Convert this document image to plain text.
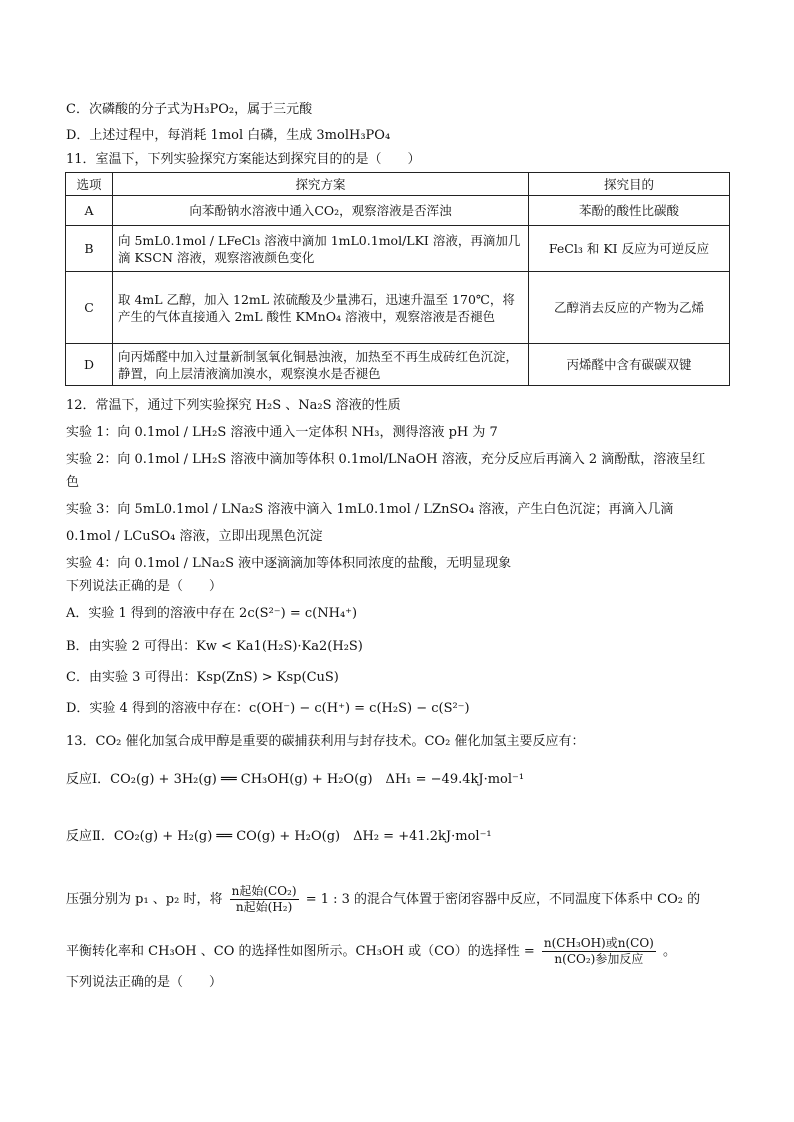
C．次磷酸的分子式为H₃PO₂，属于三元酸
D．上述过程中，每消耗 1mol 白磷，生成 3molH₃PO₄
11．室温下，下列实验探究方案能达到探究目的的是（　　）
选项	探究方案	探究目的
A	向苯酚钠水溶液中通入CO₂，观察溶液是否浑浊	苯酚的酸性比碳酸
B	向 5mL0.1mol / LFeCl₃ 溶液中滴加 1mL0.1mol/LKI 溶液，再滴加几滴 KSCN 溶液，观察溶液颜色变化	FeCl₃ 和 KI 反应为可逆反应
C	取 4mL 乙醇，加入 12mL 浓硫酸及少量沸石，迅速升温至 170℃，将产生的气体直接通入 2mL 酸性 KMnO₄ 溶液中，观察溶液是否褪色	乙醇消去反应的产物为乙烯
D	向丙烯醛中加入过量新制氢氧化铜悬浊液，加热至不再生成砖红色沉淀，静置，向上层清液滴加溴水，观察溴水是否褪色	丙烯醛中含有碳碳双键
12．常温下，通过下列实验探究 H₂S 、Na₂S 溶液的性质
实验 1：向 0.1mol / LH₂S 溶液中通入一定体积 NH₃，测得溶液 pH 为 7
实验 2：向 0.1mol / LH₂S 溶液中滴加等体积 0.1mol/LNaOH 溶液，充分反应后再滴入 2 滴酚酞，溶液呈红
色
实验 3：向 5mL0.1mol / LNa₂S 溶液中滴入 1mL0.1mol / LZnSO₄ 溶液，产生白色沉淀；再滴入几滴
0.1mol / LCuSO₄ 溶液，立即出现黑色沉淀
实验 4：向 0.1mol / LNa₂S 液中逐滴滴加等体积同浓度的盐酸，无明显现象
下列说法正确的是（　　）
A．实验 1 得到的溶液中存在 2c(S²⁻) = c(NH₄⁺)
B．由实验 2 可得出：Kw < Ka1(H₂S)·Ka2(H₂S)
C．由实验 3 可得出：Ksp(ZnS) > Ksp(CuS)
D．实验 4 得到的溶液中存在：c(OH⁻) − c(H⁺) = c(H₂S) − c(S²⁻)
13．CO₂ 催化加氢合成甲醇是重要的碳捕获利用与封存技术。CO₂ 催化加氢主要反应有：
反应Ⅰ．CO₂(g) + 3H₂(g) ══ CH₃OH(g) + H₂O(g)　ΔH₁ = −49.4kJ·mol⁻¹
反应Ⅱ．CO₂(g) + H₂(g) ══ CO(g) + H₂O(g)　ΔH₂ = +41.2kJ·mol⁻¹
压强分别为 p₁ 、p₂ 时，将
n起始(CO₂)
n起始(H₂)	= 1 : 3 的混合气体置于密闭容器中反应，不同温度下体系中 CO₂ 的
平衡转化率和 CH₃OH 、CO 的选择性如图所示。CH₃OH 或（CO）的选择性 =
n(CH₃OH)或n(CO)
n(CO₂)参加反应	。
下列说法正确的是（　　）
